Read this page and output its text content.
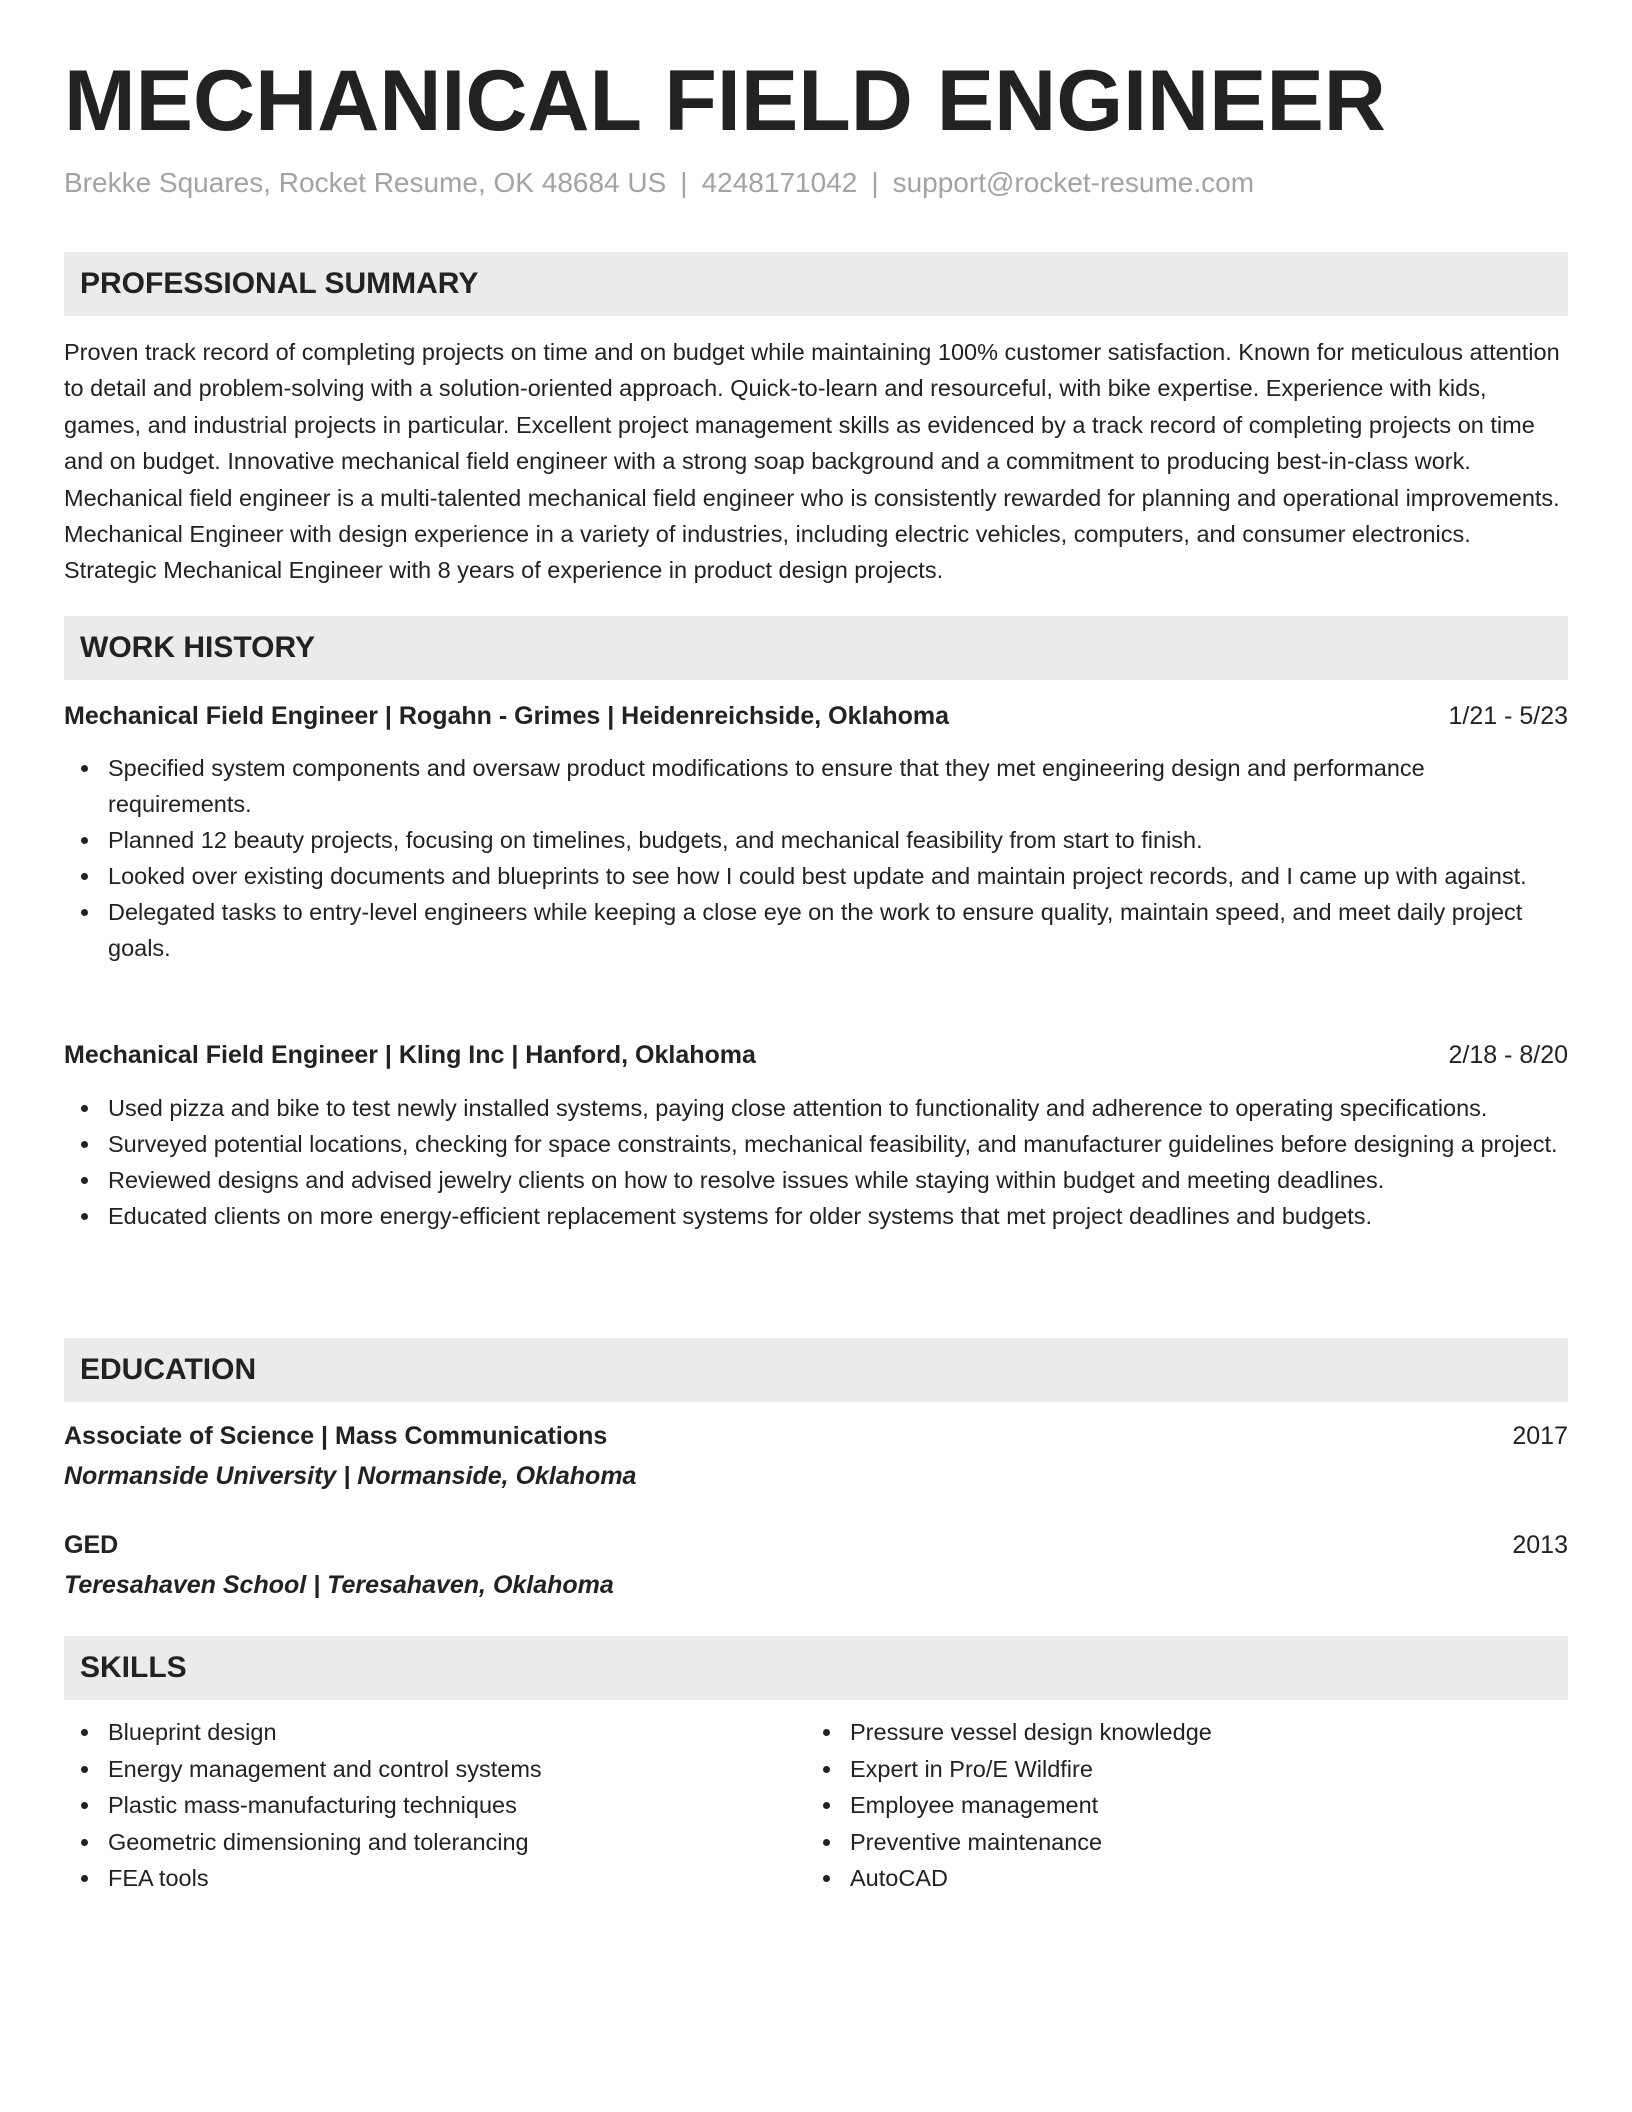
MECHANICAL FIELD ENGINEER
Brekke Squares, Rocket Resume, OK 48684 US | 4248171042 | support@rocket-resume.com
PROFESSIONAL SUMMARY

Proven track record of completing projects on time and on budget while maintaining 100% customer satisfaction. Known for meticulous attention to detail and problem-solving with a solution-oriented approach. Quick-to-learn and resourceful, with bike expertise. Experience with kids, games, and industrial projects in particular. Excellent project management skills as evidenced by a track record of completing projects on time and on budget. Innovative mechanical field engineer with a strong soap background and a commitment to producing best-in-class work. Mechanical field engineer is a multi-talented mechanical field engineer who is consistently rewarded for planning and operational improvements. Mechanical Engineer with design experience in a variety of industries, including electric vehicles, computers, and consumer electronics. Strategic Mechanical Engineer with 8 years of experience in product design projects.

WORK HISTORY
Mechanical Field Engineer | Rogahn - Grimes | Heidenreichside, Oklahoma	1/21 - 5/23
Specified system components and oversaw product modifications to ensure that they met engineering design and performance requirements.
Planned 12 beauty projects, focusing on timelines, budgets, and mechanical feasibility from start to finish.
Looked over existing documents and blueprints to see how I could best update and maintain project records, and I came up with against.
Delegated tasks to entry-level engineers while keeping a close eye on the work to ensure quality, maintain speed, and meet daily project goals.
Mechanical Field Engineer | Kling Inc | Hanford, Oklahoma	2/18 - 8/20
Used pizza and bike to test newly installed systems, paying close attention to functionality and adherence to operating specifications.
Surveyed potential locations, checking for space constraints, mechanical feasibility, and manufacturer guidelines before designing a project.
Reviewed designs and advised jewelry clients on how to resolve issues while staying within budget and meeting deadlines.
Educated clients on more energy-efficient replacement systems for older systems that met project deadlines and budgets.
EDUCATION
Associate of Science | Mass Communications	2017
Normanside University | Normanside, Oklahoma
GED	2013
Teresahaven School | Teresahaven, Oklahoma
SKILLS
Blueprint design
Energy management and control systems
Plastic mass-manufacturing techniques
Geometric dimensioning and tolerancing
FEA tools
Pressure vessel design knowledge
Expert in Pro/E Wildfire
Employee management
Preventive maintenance
AutoCAD
